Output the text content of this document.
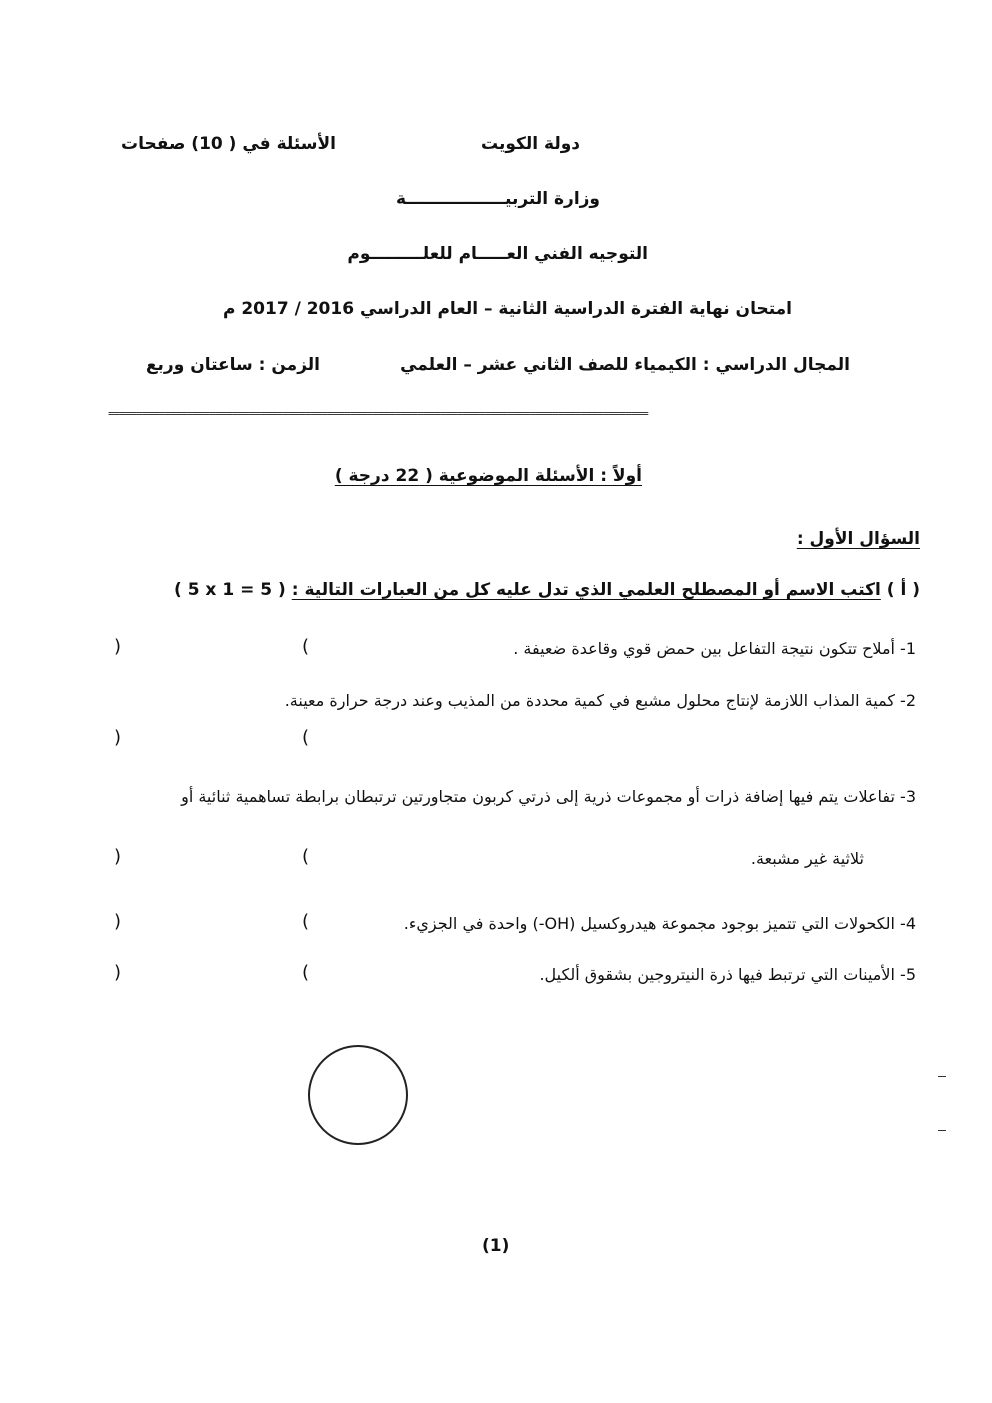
دولة الكويت
الأسئلة في ( 10) صفحات
وزارة التربيـــــــــــــــــة
التوجيه الفني العـــــام للعلـــــــــوم
امتحان نهاية الفترة الدراسية الثانية – العام الدراسي 2016 / 2017 م
المجال الدراسي : الكيمياء للصف الثاني عشر – العلمي
الزمن : ساعتان وربع
================================================================================================
أولاً : الأسئلة الموضوعية ( 22 درجة )
السؤال الأول :
( أ ) اكتب الاسم أو المصطلح العلمي الذي تدل عليه كل من العبارات التالية :
( 5 x 1 = 5 )
1- أملاح تتكون نتيجة التفاعل بين حمض قوي وقاعدة ضعيفة .
(
)
2- كمية المذاب اللازمة لإنتاج محلول مشبع في كمية محددة من المذيب وعند درجة حرارة معينة.
(
)
3- تفاعلات يتم فيها إضافة ذرات أو مجموعات ذرية إلى ذرتي كربون متجاورتين ترتبطان برابطة تساهمية ثنائية أو
ثلاثية غير مشبعة.
(
)
4- الكحولات التي تتميز بوجود مجموعة هيدروكسيل (OH-) واحدة في الجزيء.
(
)
5- الأمينات التي ترتبط فيها ذرة النيتروجين بشقوق ألكيل.
(
)
(1)
